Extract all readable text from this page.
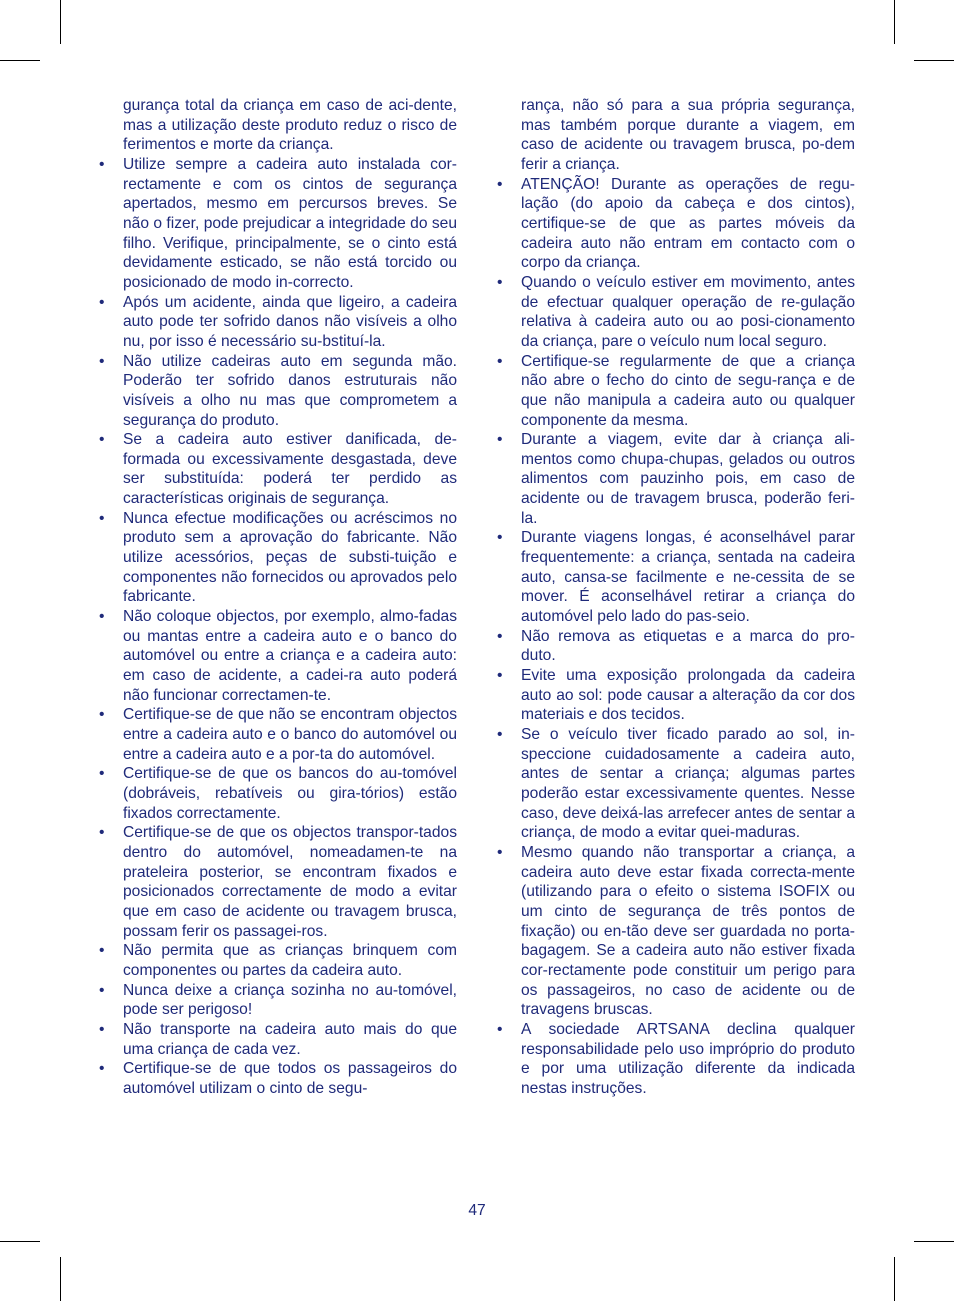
gurança total da criança em caso de aci-dente, mas a utilização deste produto reduz o risco de ferimentos e morte da criança.

• Utilize sempre a cadeira auto instalada cor-rectamente e com os cintos de segurança apertados, mesmo em percursos breves. Se não o fizer, pode prejudicar a integridade do seu filho. Verifique, principalmente, se o cinto está devidamente esticado, se não está torcido ou posicionado de modo in-correcto.
• Após um acidente, ainda que ligeiro, a cadeira auto pode ter sofrido danos não visíveis a olho nu, por isso é necessário su-bstituí-la.
• Não utilize cadeiras auto em segunda mão. Poderão ter sofrido danos estruturais não visíveis a olho nu mas que comprometem a segurança do produto.
• Se a cadeira auto estiver danificada, de-formada ou excessivamente desgastada, deve ser substituída: poderá ter perdido as características originais de segurança.
• Nunca efectue modificações ou acréscimos no produto sem a aprovação do fabricante. Não utilize acessórios, peças de substi-tuição e componentes não fornecidos ou aprovados pelo fabricante.
• Não coloque objectos, por exemplo, almo-fadas ou mantas entre a cadeira auto e o banco do automóvel ou entre a criança e a cadeira auto: em caso de acidente, a cadei-ra auto poderá não funcionar correctamen-te.
• Certifique-se de que não se encontram objectos entre a cadeira auto e o banco do automóvel ou entre a cadeira auto e a por-ta do automóvel.
• Certifique-se de que os bancos do au-tomóvel (dobráveis, rebatíveis ou gira-tórios) estão fixados correctamente.
• Certifique-se de que os objectos transpor-tados dentro do automóvel, nomeadamen-te na prateleira posterior, se encontram fixados e posicionados correctamente de modo a evitar que em caso de acidente ou travagem brusca, possam ferir os passagei-ros.
• Não permita que as crianças brinquem com componentes ou partes da cadeira auto.
• Nunca deixe a criança sozinha no au-tomóvel, pode ser perigoso!
• Não transporte na cadeira auto mais do que uma criança de cada vez.
• Certifique-se de que todos os passageiros do automóvel utilizam o cinto de segu-

rança, não só para a sua própria segurança, mas também porque durante a viagem, em caso de acidente ou travagem brusca, po-dem ferir a criança.

• ATENÇÃO! Durante as operações de regu-lação (do apoio da cabeça e dos cintos), certifique-se de que as partes móveis da cadeira auto não entram em contacto com o corpo da criança.
• Quando o veículo estiver em movimento, antes de efectuar qualquer operação de re-gulação relativa à cadeira auto ou ao posi-cionamento da criança, pare o veículo num local seguro.
• Certifique-se regularmente de que a criança não abre o fecho do cinto de segu-rança e de que não manipula a cadeira auto ou qualquer componente da mesma.
• Durante a viagem, evite dar à criança ali-mentos como chupa-chupas, gelados ou outros alimentos com pauzinho pois, em caso de acidente ou de travagem brusca, poderão feri-la.
• Durante viagens longas, é aconselhável parar frequentemente: a criança, sentada na cadeira auto, cansa-se facilmente e ne-cessita de se mover. É aconselhável retirar a criança do automóvel pelo lado do pas-seio.
• Não remova as etiquetas e a marca do pro-duto.
• Evite uma exposição prolongada da cadeira auto ao sol: pode causar a alteração da cor dos materiais e dos tecidos.
• Se o veículo tiver ficado parado ao sol, in-speccione cuidadosamente a cadeira auto, antes de sentar a criança; algumas partes poderão estar excessivamente quentes. Nesse caso, deve deixá-las arrefecer antes de sentar a criança, de modo a evitar quei-maduras.
• Mesmo quando não transportar a criança, a cadeira auto deve estar fixada correcta-mente (utilizando para o efeito o sistema ISOFIX ou um cinto de segurança de três pontos de fixação) ou en-tão deve ser guardada no porta-bagagem. Se a cadeira auto não estiver fixada cor-rectamente pode constituir um perigo para os passageiros, no caso de acidente ou de travagens bruscas.
• A sociedade ARTSANA declina qualquer responsabilidade pelo uso impróprio do produto e por uma utilização diferente da indicada nestas instruções.
47
